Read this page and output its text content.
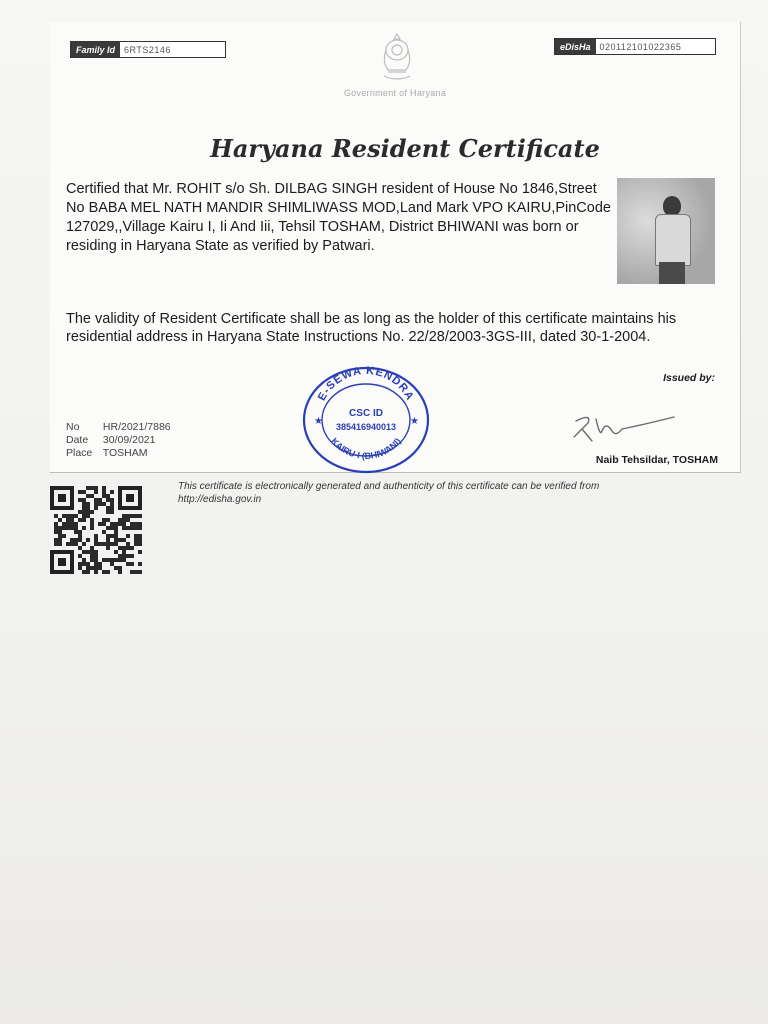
Family Id	6RTS2146	eDisHa	020112101022365
Government of Haryana
Haryana Resident Certificate
Certified that Mr. ROHIT s/o Sh. DILBAG SINGH resident of House No 1846,Street No BABA MEL NATH MANDIR SHIMLIWASS MOD,Land Mark VPO KAIRU,PinCode 127029,,Village Kairu I, Ii And Iii, Tehsil TOSHAM, District BHIWANI was born or residing in Haryana State as verified by Patwari.
The validity of Resident Certificate shall be as long as the holder of this certificate maintains his residential address in Haryana State Instructions No. 22/28/2003-3GS-III, dated 30-1-2004.
Issued by:
No HR/2021/7886
Date 30/09/2021
Place TOSHAM
E-SEWA KENDRA
KAIRU-I (BHIWANI)
CSC ID
385416940013
★	★
Naib Tehsildar, TOSHAM
This certificate is electronically generated and authenticity of this certificate can be verified from
http://edisha.gov.in
